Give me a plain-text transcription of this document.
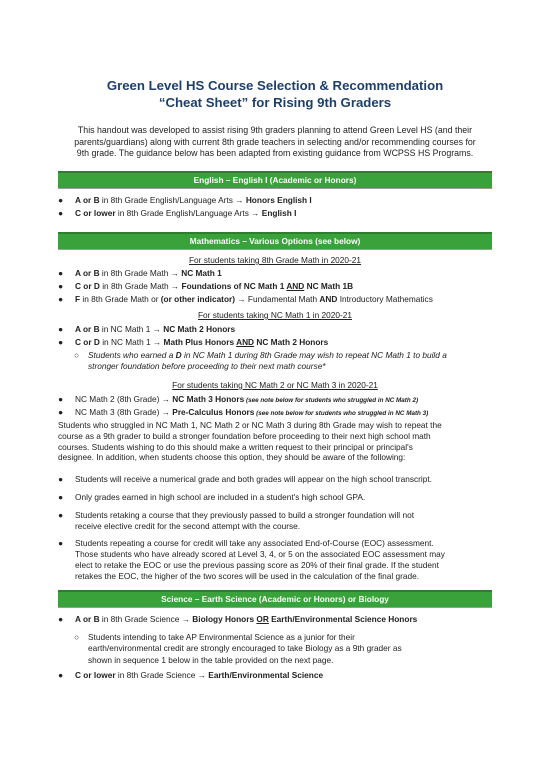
Green Level HS Course Selection & Recommendation
“Cheat Sheet” for Rising 9th Graders
This handout was developed to assist rising 9th graders planning to attend Green Level HS (and their
parents/guardians) along with current 8th grade teachers in selecting and/or recommending courses for
9th grade. The guidance below has been adapted from existing guidance from WCPSS HS Programs.
English – English I (Academic or Honors)
● A or B in 8th Grade English/Language Arts → Honors English I
● C or lower in 8th Grade English/Language Arts → English I
Mathematics – Various Options (see below)
For students taking 8th Grade Math in 2020-21
● A or B in 8th Grade Math → NC Math 1
● C or D in 8th Grade Math → Foundations of NC Math 1 AND NC Math 1B
● F in 8th Grade Math or (or other indicator) → Fundamental Math AND Introductory Mathematics
For students taking NC Math 1 in 2020-21
● A or B in NC Math 1 → NC Math 2 Honors
● C or D in NC Math 1 → Math Plus Honors AND NC Math 2 Honors
○ Students who earned a D in NC Math 1 during 8th Grade may wish to repeat NC Math 1 to build a
stronger foundation before proceeding to their next math course*
For students taking NC Math 2 or NC Math 3 in 2020-21
● NC Math 2 (8th Grade) → NC Math 3 Honors (see note below for students who struggled in NC Math 2)
● NC Math 3 (8th Grade) → Pre-Calculus Honors (see note below for students who struggled in NC Math 3)
Students who struggled in NC Math 1, NC Math 2 or NC Math 3 during 8th Grade may wish to repeat the
course as a 9th grader to build a stronger foundation before proceeding to their next high school math
courses. Students wishing to do this should make a written request to their principal or principal's
designee. In addition, when students choose this option, they should be aware of the following:
● Students will receive a numerical grade and both grades will appear on the high school transcript.
● Only grades earned in high school are included in a student's high school GPA.
● Students retaking a course that they previously passed to build a stronger foundation will not
receive elective credit for the second attempt with the course.
● Students repeating a course for credit will take any associated End-of-Course (EOC) assessment.
Those students who have already scored at Level 3, 4, or 5 on the associated EOC assessment may
elect to retake the EOC or use the previous passing score as 20% of their final grade. If the student
retakes the EOC, the higher of the two scores will be used in the calculation of the final grade.
Science – Earth Science (Academic or Honors) or Biology
● A or B in 8th Grade Science → Biology Honors OR Earth/Environmental Science Honors
○ Students intending to take AP Environmental Science as a junior for their
earth/environmental credit are strongly encouraged to take Biology as a 9th grader as
shown in sequence 1 below in the table provided on the next page.
● C or lower in 8th Grade Science → Earth/Environmental Science
